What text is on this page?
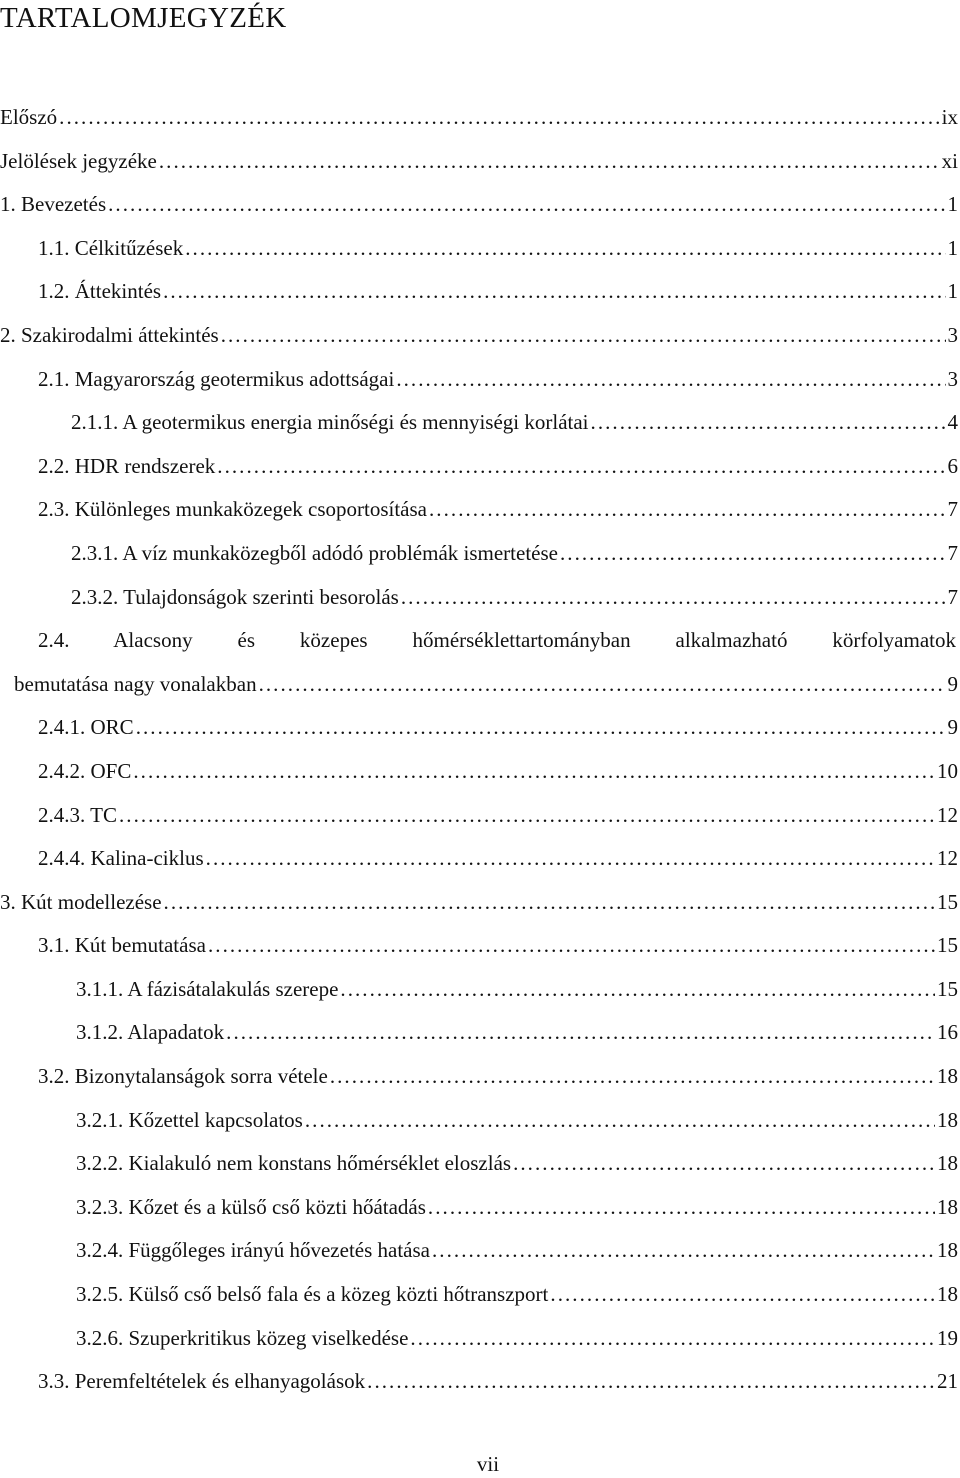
TARTALOMJEGYZÉK
Előszó . . .	ix
Jelölések jegyzéke . . .	xi
1. Bevezetés . . .	1
1.1. Célkitűzések . . .	1
1.2. Áttekintés . . .	1
2. Szakirodalmi áttekintés . . .	3
2.1. Magyarország geotermikus adottságai . . .	3
2.1.1. A geotermikus energia minőségi és mennyiségi korlátai . . .	4
2.2. HDR rendszerek . . .	6
2.3. Különleges munkaközegek csoportosítása . . .	7
2.3.1. A víz munkaközegből adódó problémák ismertetése . . .	7
2.3.2. Tulajdonságok szerinti besorolás . . .	7
2.4. Alacsony és közepes hőmérséklettartományban alkalmazható körfolyamatok
bemutatása nagy vonalakban . . .	9
2.4.1. ORC . . .	9
2.4.2. OFC . . .	10
2.4.3. TC . . .	12
2.4.4. Kalina-ciklus . . .	12
3. Kút modellezése . . .	15
3.1. Kút bemutatása . . .	15
3.1.1. A fázisátalakulás szerepe . . .	15
3.1.2. Alapadatok . . .	16
3.2. Bizonytalanságok sorra vétele . . .	18
3.2.1. Kőzettel kapcsolatos . . .	18
3.2.2. Kialakuló nem konstans hőmérséklet eloszlás . . .	18
3.2.3. Kőzet és a külső cső közti hőátadás . . .	18
3.2.4. Függőleges irányú hővezetés hatása . . .	18
3.2.5. Külső cső belső fala és a közeg közti hőtranszport . . .	18
3.2.6. Szuperkritikus közeg viselkedése . . .	19
3.3. Peremfeltételek és elhanyagolások . . .	21
vii
